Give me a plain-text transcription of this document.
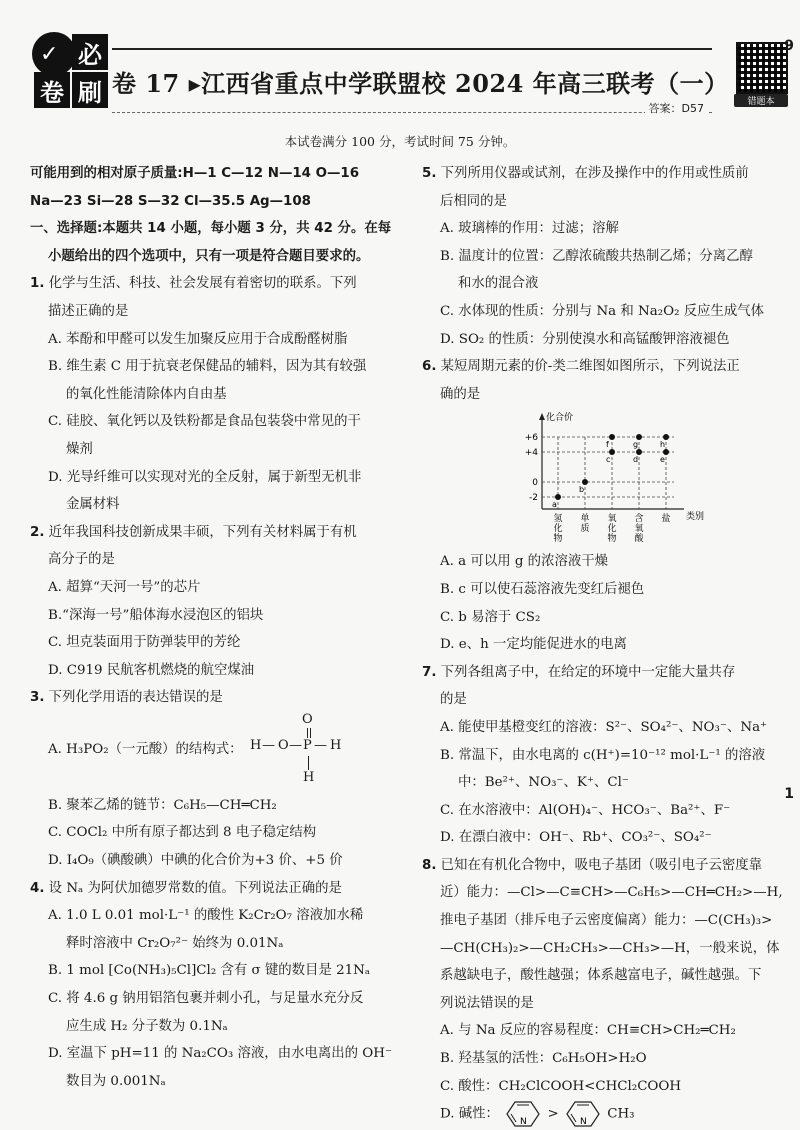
✓ 必
卷 刷 卷 17 ▸江西省重点中学联盟校 2024 年高三联考（一）
答案：D57	错题本
9
1
本试卷满分 100 分，考试时间 75 分钟。
可能用到的相对原子质量:H—1 C—12 N—14 O—16
Na—23 Si—28 S—32 Cl—35.5 Ag—108
一、选择题:本题共 14 小题，每小题 3 分，共 42 分。在每
小题给出的四个选项中，只有一项是符合题目要求的。
1. 化学与生活、科技、社会发展有着密切的联系。下列
描述正确的是
A. 苯酚和甲醛可以发生加聚反应用于合成酚醛树脂
B. 维生素 C 用于抗衰老保健品的辅料，因为其有较强
的氧化性能清除体内自由基
C. 硅胶、氧化钙以及铁粉都是食品包装袋中常见的干
燥剂
D. 光导纤维可以实现对光的全反射，属于新型无机非
金属材料
2. 近年我国科技创新成果丰硕，下列有关材料属于有机
高分子的是
A. 超算“天河一号”的芯片
B.“深海一号”船体海水浸泡区的铝块
C. 坦克装面用于防弹装甲的芳纶
D. C919 民航客机燃烧的航空煤油
3. 下列化学用语的表达错误的是
A. H₃PO₂（一元酸）的结构式：
O
H — O — P — H
H
B. 聚苯乙烯的链节：C₆H₅—CH═CH₂
C. COCl₂ 中所有原子都达到 8 电子稳定结构
D. I₄O₉（碘酸碘）中碘的化合价为+3 价、+5 价
4. 设 Nₐ 为阿伏加德罗常数的值。下列说法正确的是
A. 1.0 L 0.01 mol·L⁻¹ 的酸性 K₂Cr₂O₇ 溶液加水稀
释时溶液中 Cr₂O₇²⁻ 始终为 0.01Nₐ
B. 1 mol [Co(NH₃)₅Cl]Cl₂ 含有 σ 键的数目是 21Nₐ
C. 将 4.6 g 钠用铝箔包裹并刺小孔，与足量水充分反
应生成 H₂ 分子数为 0.1Nₐ
D. 室温下 pH=11 的 Na₂CO₃ 溶液，由水电离出的 OH⁻
数目为 0.001Nₐ
5. 下列所用仪器或试剂，在涉及操作中的作用或性质前
后相同的是
A. 玻璃棒的作用：过滤；溶解
B. 温度计的位置：乙醇浓硫酸共热制乙烯；分离乙醇
和水的混合液
C. 水体现的性质：分别与 Na 和 Na₂O₂ 反应生成气体
D. SO₂ 的性质：分别使溴水和高锰酸钾溶液褪色
6. 某短周期元素的价-类二维图如图所示，下列说法正
确的是
化合价
类别
+6
+4
0
-2
氢
化
物
单
质
氧
化
物
含
氧
酸
盐
a
b
c
f
d
g
e
h
A. a 可以用 g 的浓溶液干燥
B. c 可以使石蕊溶液先变红后褪色
C. b 易溶于 CS₂
D. e、h 一定均能促进水的电离
7. 下列各组离子中，在给定的环境中一定能大量共存
的是
A. 能使甲基橙变红的溶液：S²⁻、SO₄²⁻、NO₃⁻、Na⁺
B. 常温下，由水电离的 c(H⁺)=10⁻¹² mol·L⁻¹ 的溶液
中：Be²⁺、NO₃⁻、K⁺、Cl⁻
C. 在水溶液中：Al(OH)₄⁻、HCO₃⁻、Ba²⁺、F⁻
D. 在漂白液中：OH⁻、Rb⁺、CO₃²⁻、SO₄²⁻
8. 已知在有机化合物中，吸电子基团（吸引电子云密度靠
近）能力：—Cl>—C≡CH>—C₆H₅>—CH═CH₂>—H,
推电子基团（排斥电子云密度偏离）能力：—C(CH₃)₃>
—CH(CH₃)₂>—CH₂CH₃>—CH₃>—H，一般来说，体
系越缺电子，酸性越强；体系越富电子，碱性越强。下
列说法错误的是
A. 与 Na 反应的容易程度：CH≡CH>CH₂═CH₂
B. 羟基氢的活性：C₆H₅OH>H₂O
C. 酸性：CH₂ClCOOH<CHCl₂COOH
D. 碱性：
N
>
N
CH₃
